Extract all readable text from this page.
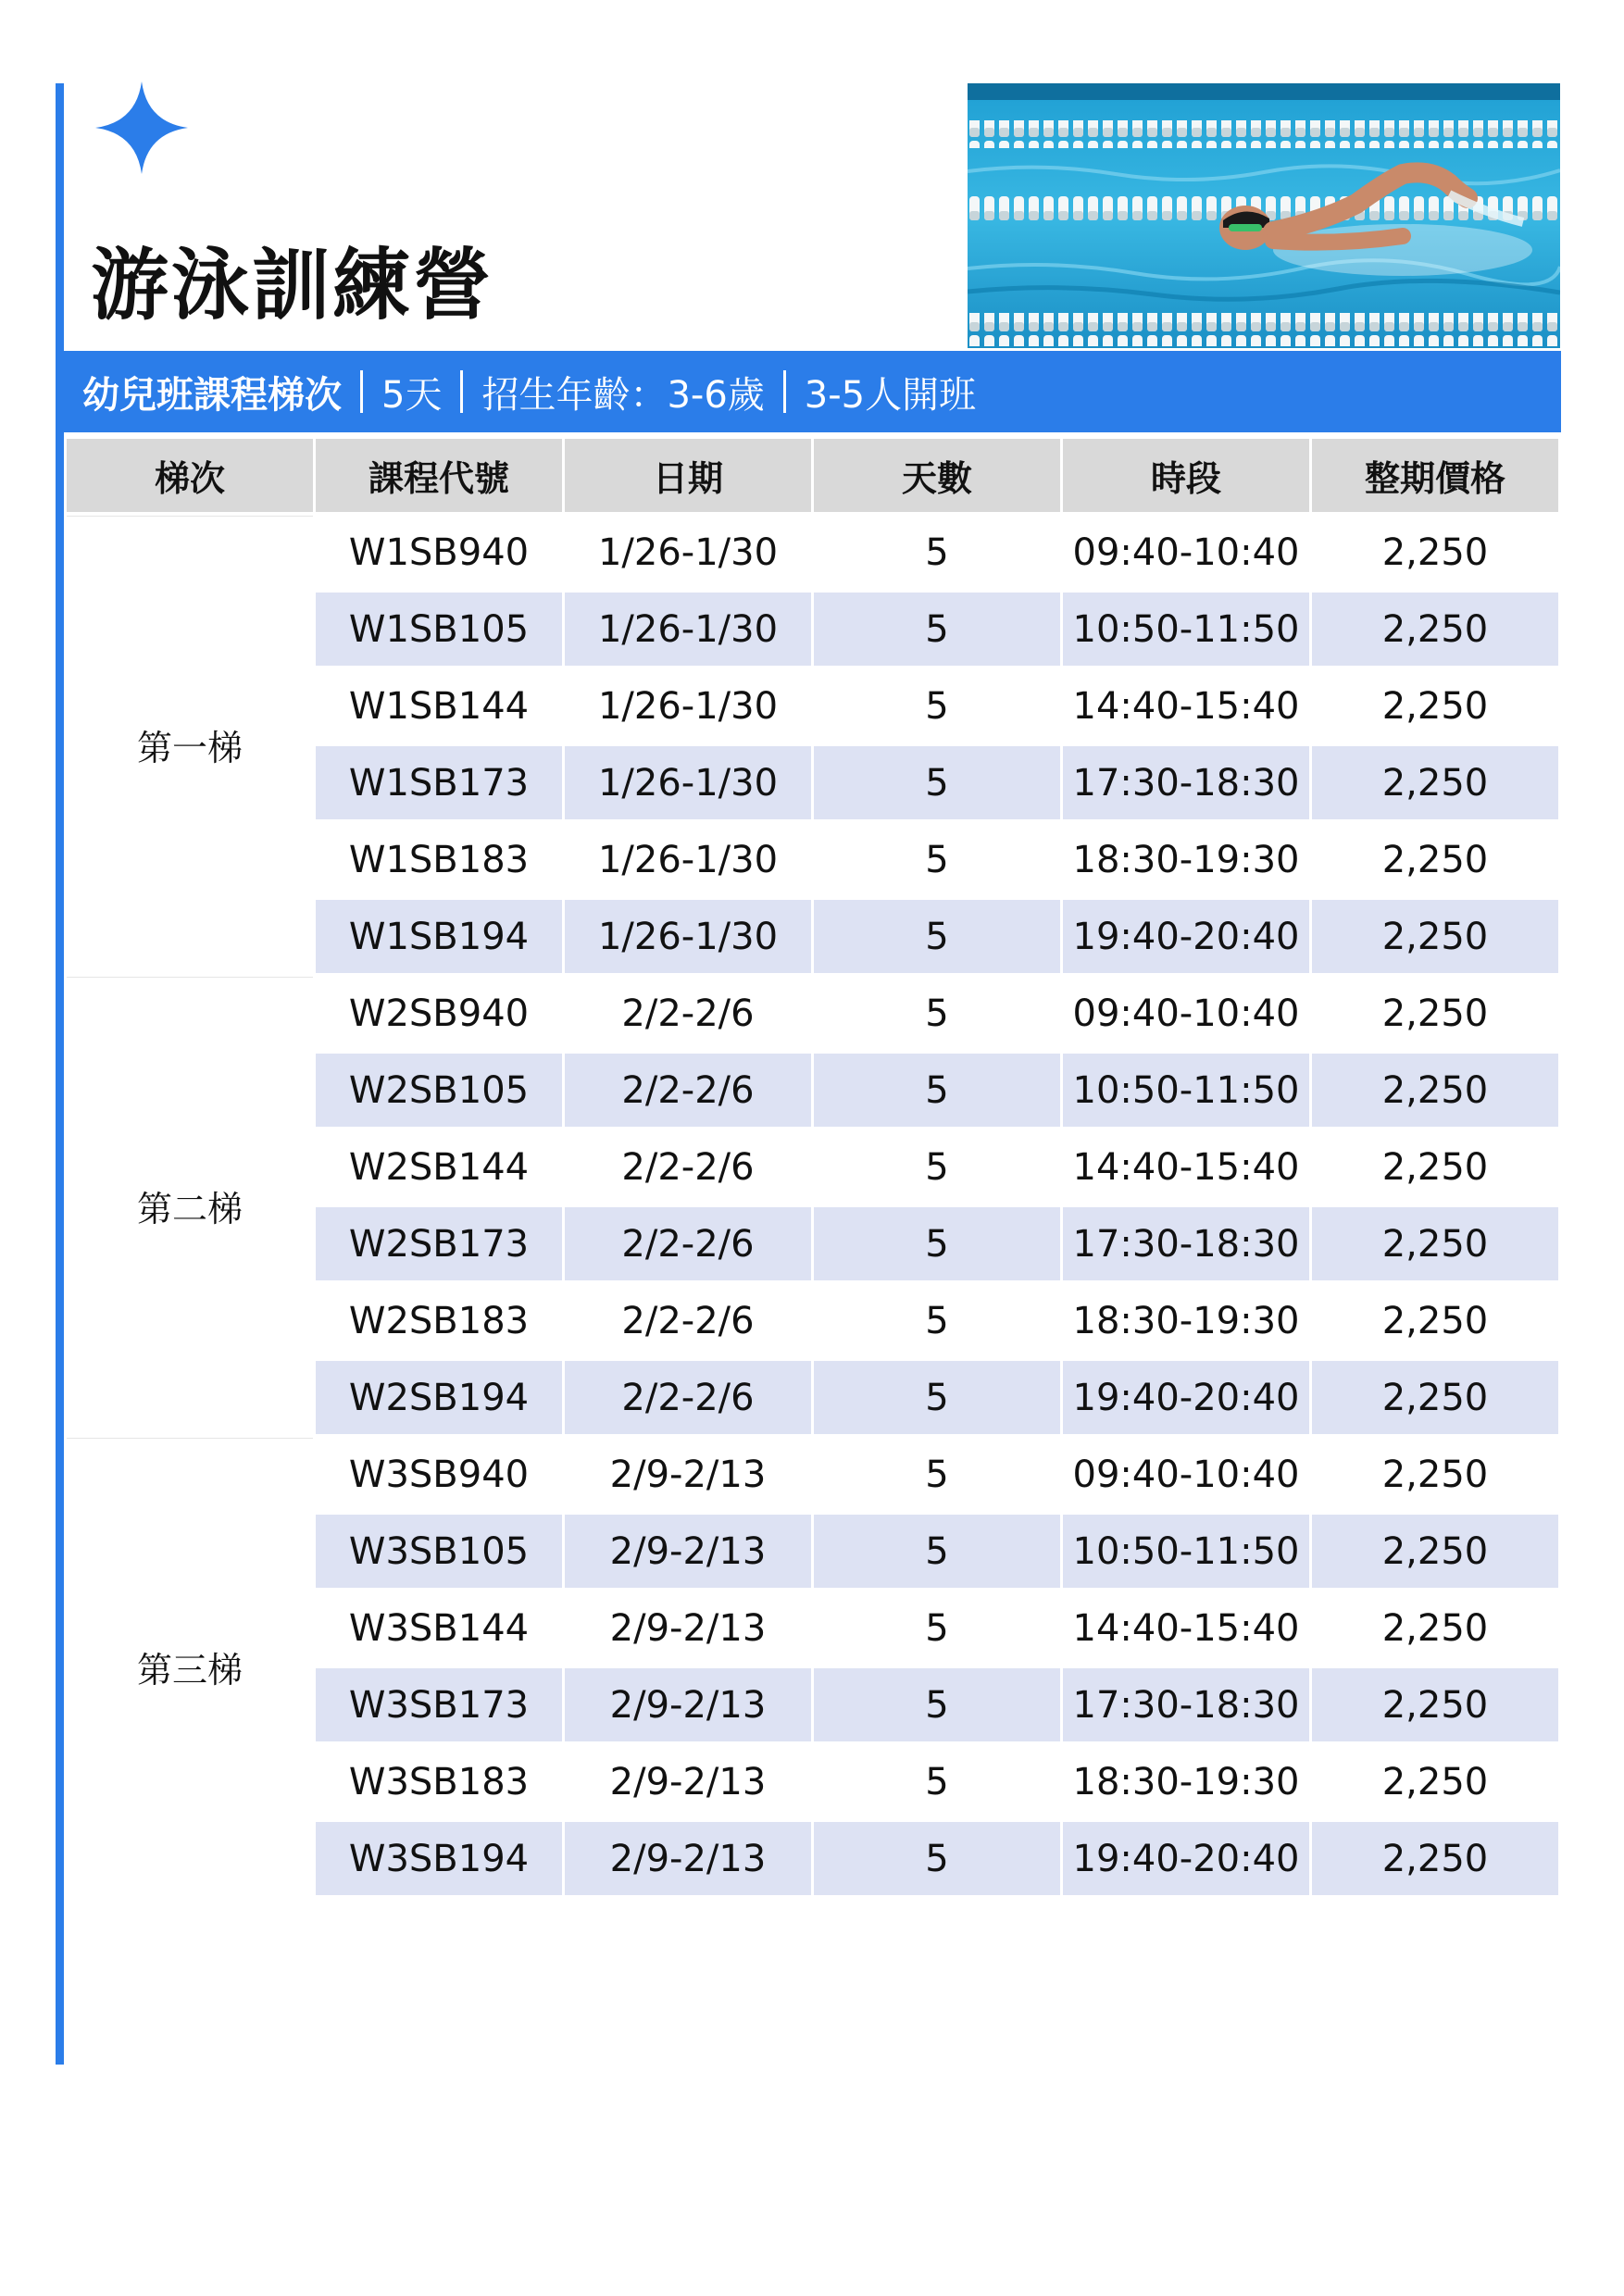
游泳訓練營
幼兒班課程梯次 5天 招生年齡：3-6歲 3-5人開班
梯次	課程代號	日期	天數	時段	整期價格
第一梯	W1SB940	1/26-1/30	5	09:40-10:40	2,250
	W1SB105	1/26-1/30	5	10:50-11:50	2,250
	W1SB144	1/26-1/30	5	14:40-15:40	2,250
	W1SB173	1/26-1/30	5	17:30-18:30	2,250
	W1SB183	1/26-1/30	5	18:30-19:30	2,250
	W1SB194	1/26-1/30	5	19:40-20:40	2,250
第二梯	W2SB940	2/2-2/6	5	09:40-10:40	2,250
	W2SB105	2/2-2/6	5	10:50-11:50	2,250
	W2SB144	2/2-2/6	5	14:40-15:40	2,250
	W2SB173	2/2-2/6	5	17:30-18:30	2,250
	W2SB183	2/2-2/6	5	18:30-19:30	2,250
	W2SB194	2/2-2/6	5	19:40-20:40	2,250
第三梯	W3SB940	2/9-2/13	5	09:40-10:40	2,250
	W3SB105	2/9-2/13	5	10:50-11:50	2,250
	W3SB144	2/9-2/13	5	14:40-15:40	2,250
	W3SB173	2/9-2/13	5	17:30-18:30	2,250
	W3SB183	2/9-2/13	5	18:30-19:30	2,250
	W3SB194	2/9-2/13	5	19:40-20:40	2,250
